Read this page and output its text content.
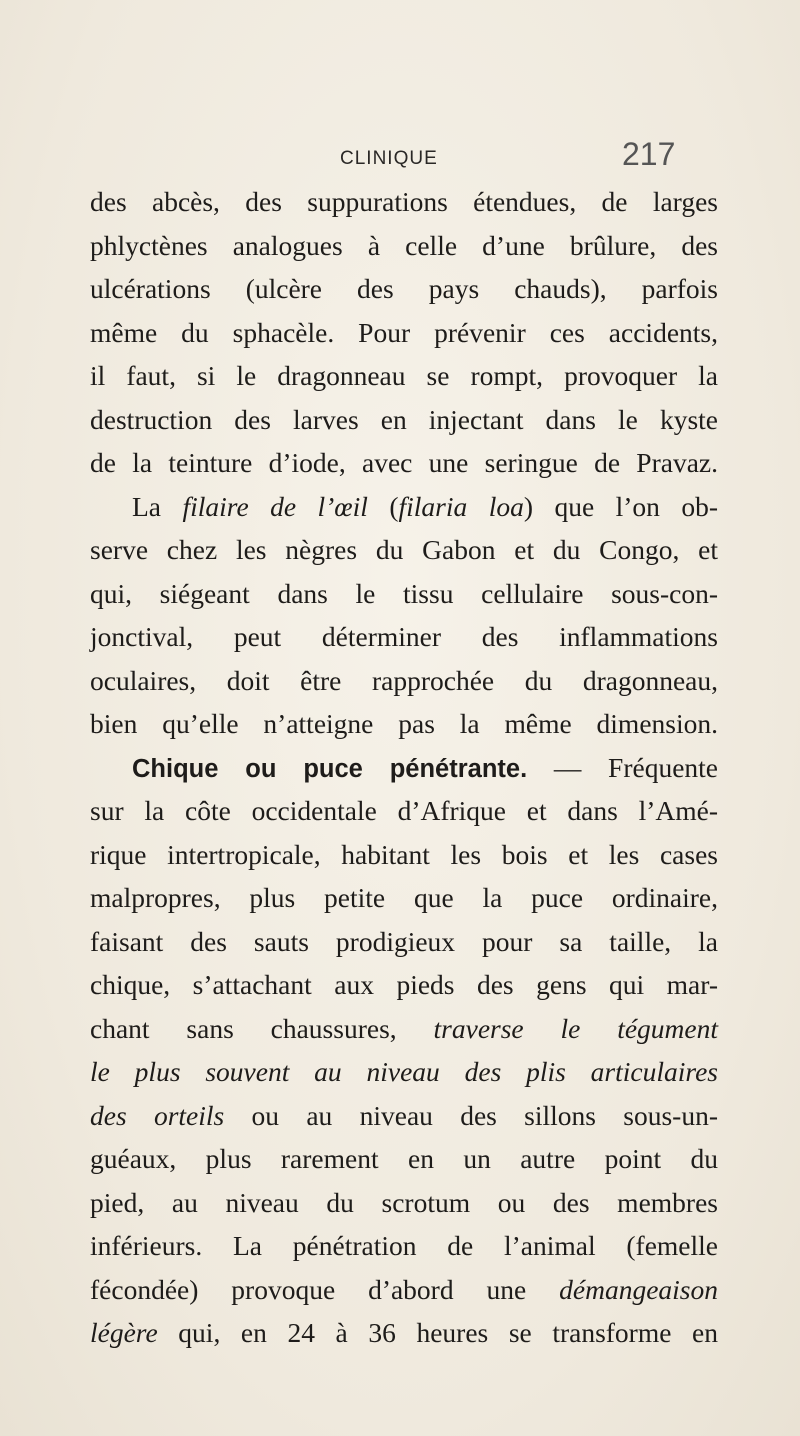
CLINIQUE	217
des abcès, des suppurations étendues, de larges
phlyctènes analogues à celle d’une brûlure, des
ulcérations (ulcère des pays chauds), parfois
même du sphacèle. Pour prévenir ces accidents,
il faut, si le dragonneau se rompt, provoquer la
destruction des larves en injectant dans le kyste
de la teinture d’iode, avec une seringue de Pravaz.
La filaire de l’œil (filaria loa) que l’on ob-
serve chez les nègres du Gabon et du Congo, et
qui, siégeant dans le tissu cellulaire sous-con-
jonctival, peut déterminer des inflammations
oculaires, doit être rapprochée du dragonneau,
bien qu’elle n’atteigne pas la même dimension.
Chique ou puce pénétrante. — Fréquente
sur la côte occidentale d’Afrique et dans l’Amé-
rique intertropicale, habitant les bois et les cases
malpropres, plus petite que la puce ordinaire,
faisant des sauts prodigieux pour sa taille, la
chique, s’attachant aux pieds des gens qui mar-
chant sans chaussures, traverse le tégument
le plus souvent au niveau des plis articulaires
des orteils ou au niveau des sillons sous-un-
guéaux, plus rarement en un autre point du
pied, au niveau du scrotum ou des membres
inférieurs. La pénétration de l’animal (femelle
fécondée) provoque d’abord une démangeaison
légère qui, en 24 à 36 heures se transforme en
